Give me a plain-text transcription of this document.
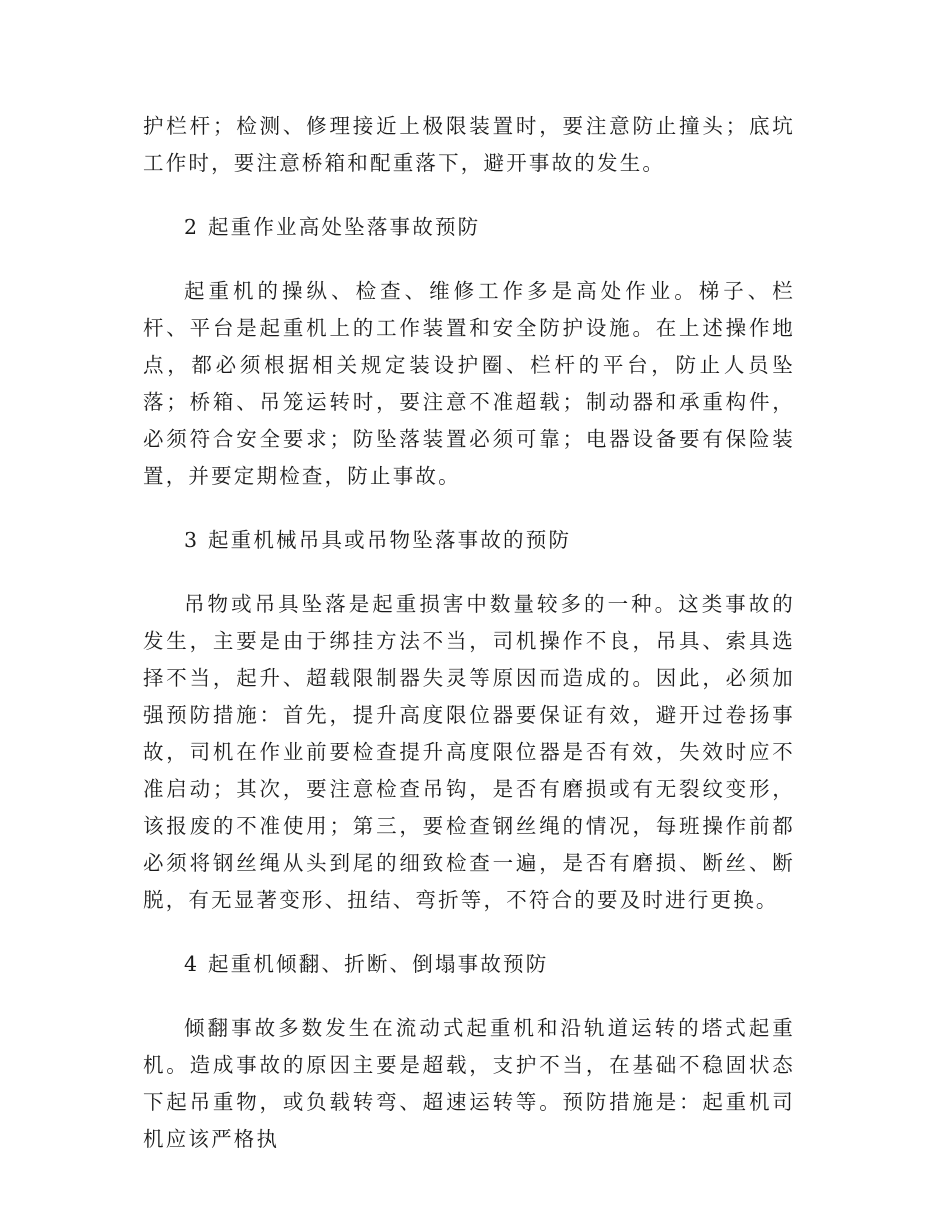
护栏杆；检测、修理接近上极限装置时，要注意防止撞头；底坑工作时，要注意桥箱和配重落下，避开事故的发生。

2 起重作业高处坠落事故预防

起重机的操纵、检查、维修工作多是高处作业。梯子、栏杆、平台是起重机上的工作装置和安全防护设施。在上述操作地点，都必须根据相关规定装设护圈、栏杆的平台，防止人员坠落；桥箱、吊笼运转时，要注意不准超载；制动器和承重构件，必须符合安全要求；防坠落装置必须可靠；电器设备要有保险装置，并要定期检查，防止事故。

3 起重机械吊具或吊物坠落事故的预防

吊物或吊具坠落是起重损害中数量较多的一种。这类事故的发生，主要是由于绑挂方法不当，司机操作不良，吊具、索具选择不当，起升、超载限制器失灵等原因而造成的。因此，必须加强预防措施：首先，提升高度限位器要保证有效，避开过卷扬事故，司机在作业前要检查提升高度限位器是否有效，失效时应不准启动；其次，要注意检查吊钩，是否有磨损或有无裂纹变形，该报废的不准使用；第三，要检查钢丝绳的情况，每班操作前都必须将钢丝绳从头到尾的细致检查一遍，是否有磨损、断丝、断脱，有无显著变形、扭结、弯折等，不符合的要及时进行更换。

4 起重机倾翻、折断、倒塌事故预防

倾翻事故多数发生在流动式起重机和沿轨道运转的塔式起重机。造成事故的原因主要是超载，支护不当，在基础不稳固状态下起吊重物，或负载转弯、超速运转等。预防措施是：起重机司机应该严格执
